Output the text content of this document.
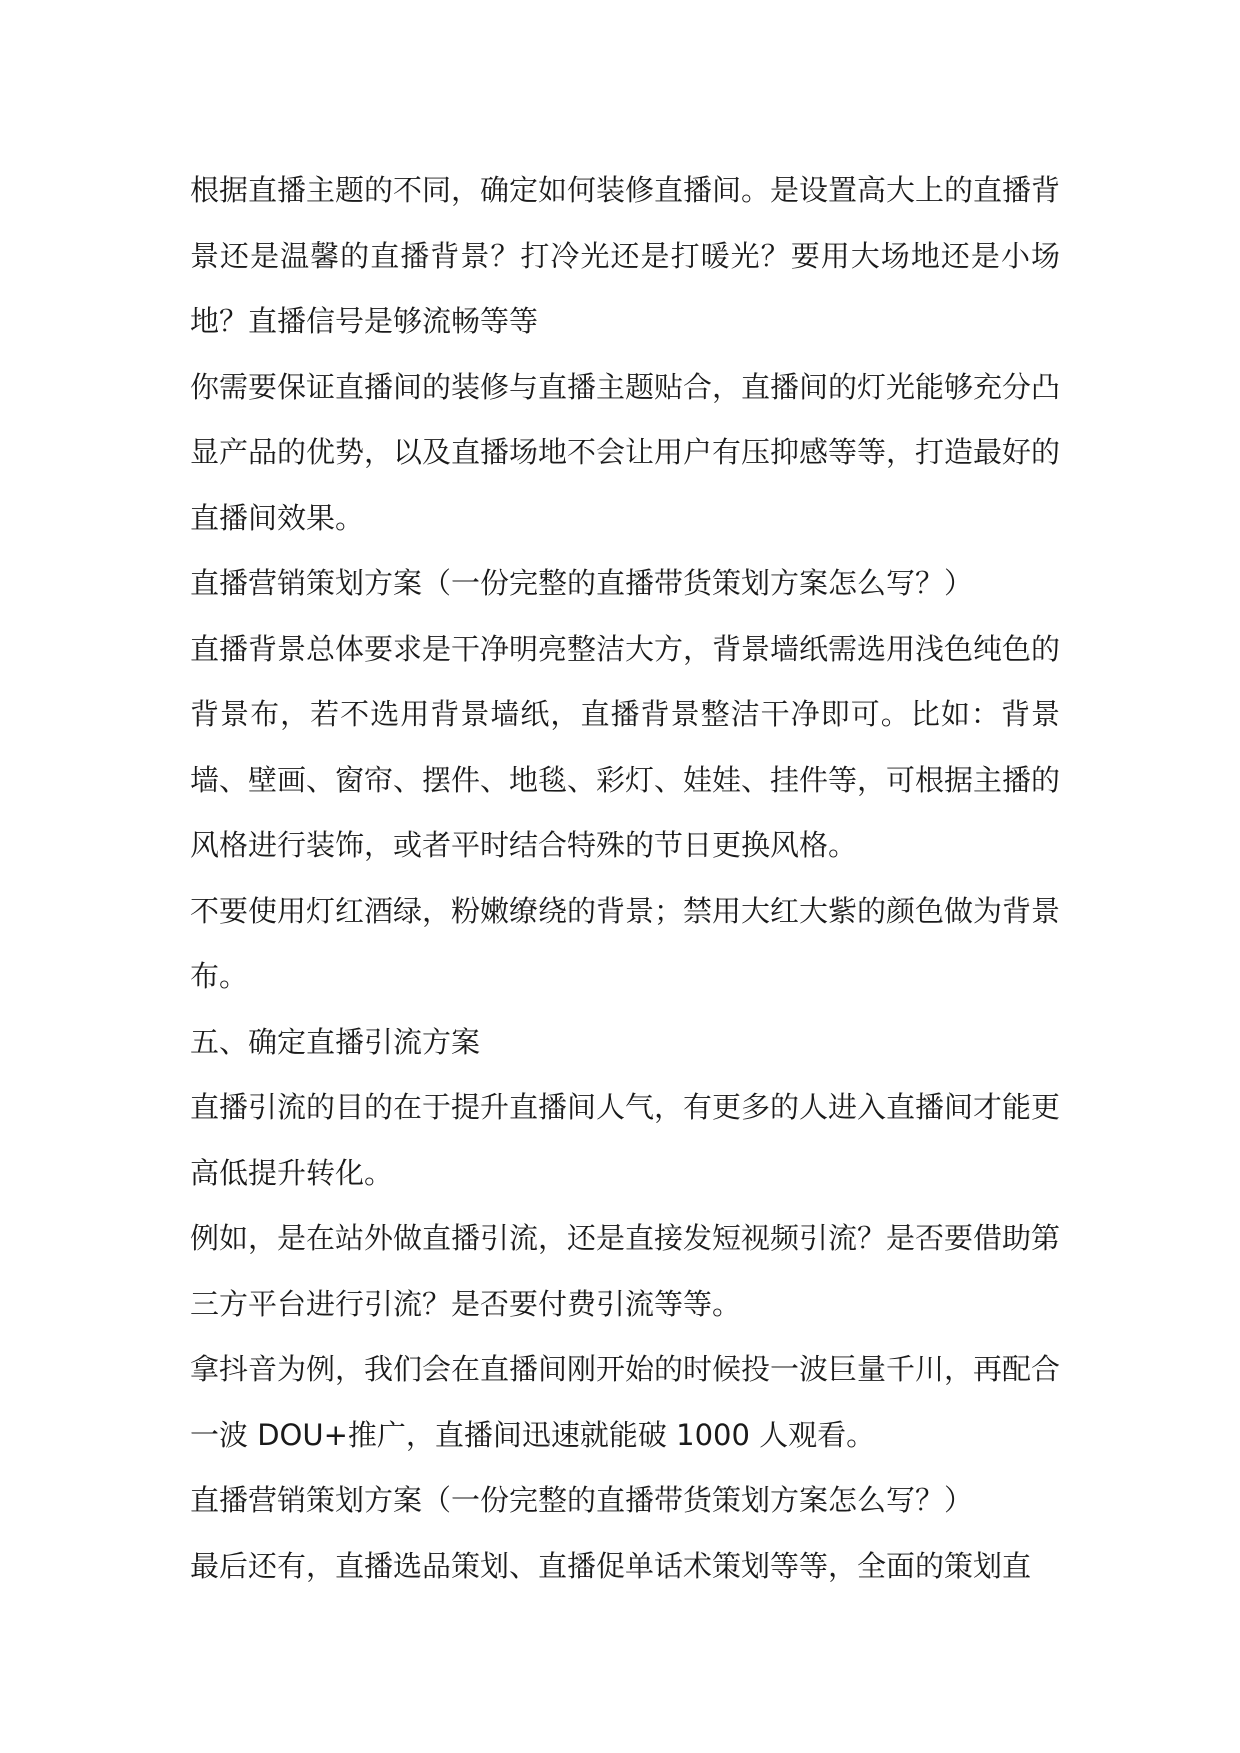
根据直播主题的不同，确定如何装修直播间。是设置高大上的直播背景还是温馨的直播背景？打冷光还是打暖光？要用大场地还是小场地？直播信号是够流畅等等

你需要保证直播间的装修与直播主题贴合，直播间的灯光能够充分凸显产品的优势，以及直播场地不会让用户有压抑感等等，打造最好的直播间效果。

直播营销策划方案（一份完整的直播带货策划方案怎么写？）

直播背景总体要求是干净明亮整洁大方，背景墙纸需选用浅色纯色的背景布，若不选用背景墙纸，直播背景整洁干净即可。比如：背景墙、壁画、窗帘、摆件、地毯、彩灯、娃娃、挂件等，可根据主播的风格进行装饰，或者平时结合特殊的节日更换风格。

不要使用灯红酒绿，粉嫩缭绕的背景；禁用大红大紫的颜色做为背景布。

五、确定直播引流方案

直播引流的目的在于提升直播间人气，有更多的人进入直播间才能更高低提升转化。

例如，是在站外做直播引流，还是直接发短视频引流？是否要借助第三方平台进行引流？是否要付费引流等等。

拿抖音为例，我们会在直播间刚开始的时候投一波巨量千川，再配合一波 DOU+推广，直播间迅速就能破 1000 人观看。

直播营销策划方案（一份完整的直播带货策划方案怎么写？）

最后还有，直播选品策划、直播促单话术策划等等，全面的策划直
